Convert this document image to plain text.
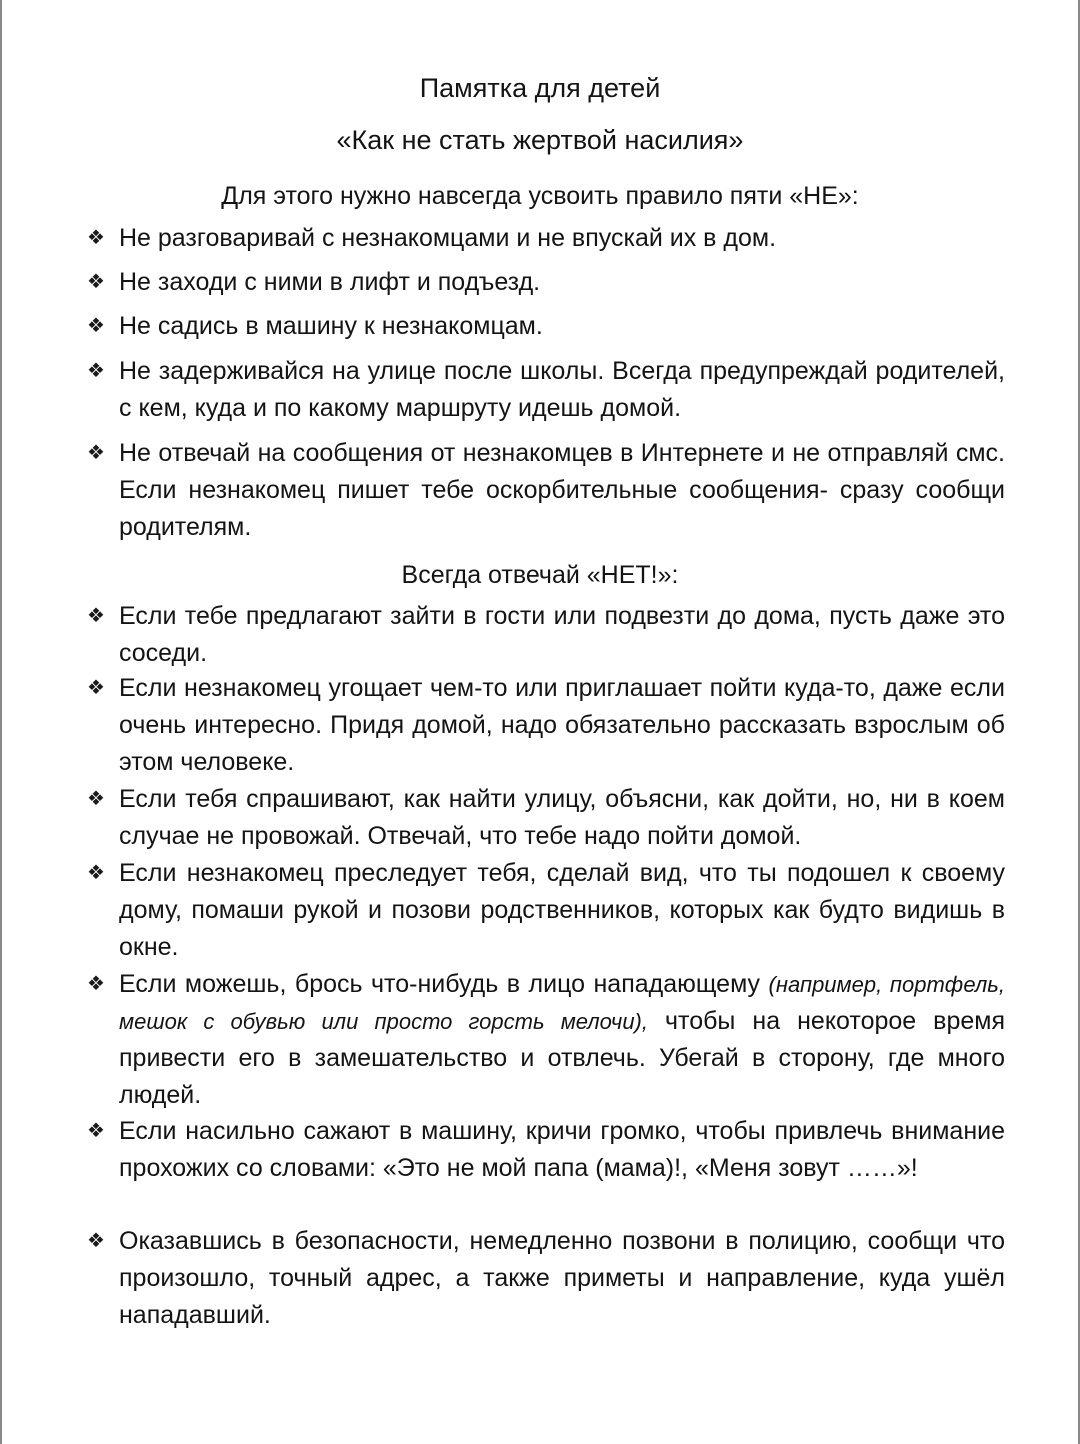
Памятка для детей
«Как не стать жертвой насилия»
Для этого нужно навсегда усвоить правило пяти «НЕ»:
❖ Не разговаривай с незнакомцами и не впускай их в дом.
❖ Не заходи с ними в лифт и подъезд.
❖ Не садись в машину к незнакомцам.
❖ Не задерживайся на улице после школы. Всегда предупреждай родителей, с кем, куда и по какому маршруту идешь домой.
❖ Не отвечай на сообщения от незнакомцев в Интернете и не отправляй смс. Если незнакомец пишет тебе оскорбительные сообщения- сразу сообщи родителям.
Всегда отвечай «НЕТ!»:
❖ Если тебе предлагают зайти в гости или подвезти до дома, пусть даже это соседи.
❖ Если незнакомец угощает чем-то или приглашает пойти куда-то, даже если очень интересно. Придя домой, надо обязательно рассказать взрослым об этом человеке.
❖ Если тебя спрашивают, как найти улицу, объясни, как дойти, но, ни в коем случае не провожай. Отвечай, что тебе надо пойти домой.
❖ Если незнакомец преследует тебя, сделай вид, что ты подошел к своему дому, помаши рукой и позови родственников, которых как будто видишь в окне.
❖ Если можешь, брось что-нибудь в лицо нападающему (например, портфель, мешок с обувью или просто горсть мелочи), чтобы на некоторое время привести его в замешательство и отвлечь. Убегай в сторону, где много людей.
❖ Если насильно сажают в машину, кричи громко, чтобы привлечь внимание прохожих со словами: «Это не мой папа (мама)!, «Меня зовут ……»!
❖ Оказавшись в безопасности, немедленно позвони в полицию, сообщи что произошло, точный адрес, а также приметы и направление, куда ушёл нападавший.
